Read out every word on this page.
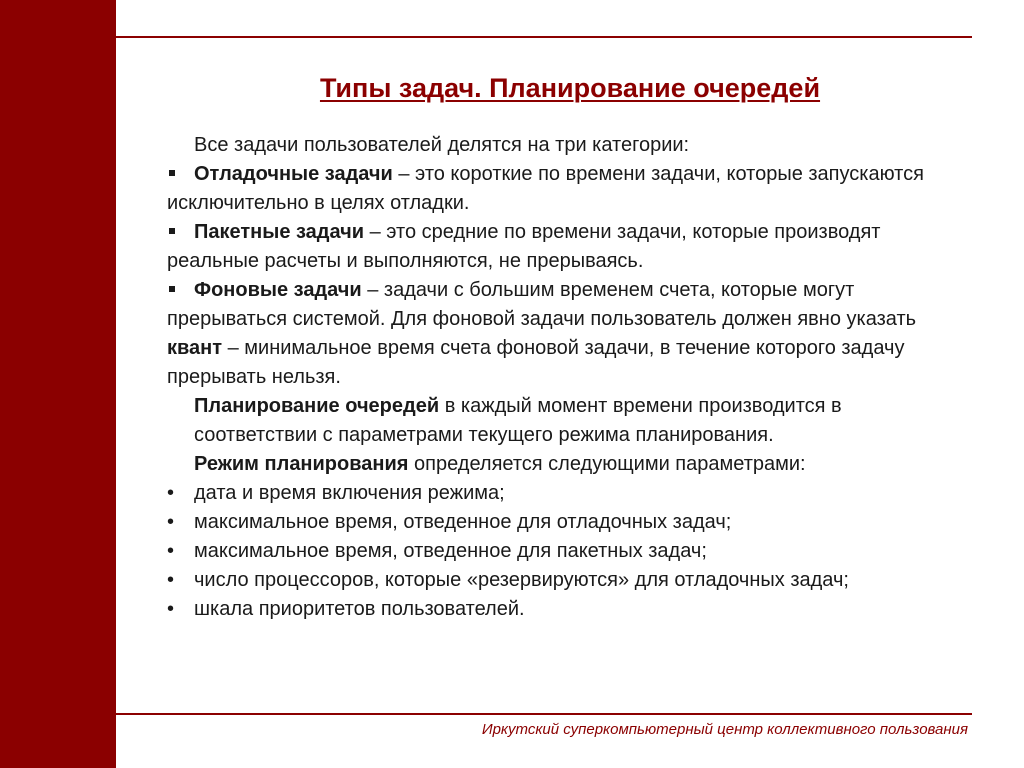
Типы задач. Планирование очередей

Все задачи пользователей делятся на три категории:

Отладочные задачи – это короткие по времени задачи, которые запускаются исключительно в целях отладки.

Пакетные задачи – это средние по времени задачи, которые производят реальные расчеты и выполняются, не прерываясь.

Фоновые задачи – задачи с большим временем счета, которые могут прерываться системой. Для фоновой задачи пользователь должен явно указать квант – минимальное время счета фоновой задачи, в течение которого задачу прерывать нельзя.

Планирование очередей в каждый момент времени производится в соответствии с параметрами текущего режима планирования.

Режим планирования определяется следующими параметрами:

• дата и время включения режима;

• максимальное время, отведенное для отладочных задач;

• максимальное время, отведенное для пакетных задач;

• число процессоров, которые «резервируются» для отладочных задач;

• шкала приоритетов пользователей.

Иркутский суперкомпьютерный центр коллективного пользования
